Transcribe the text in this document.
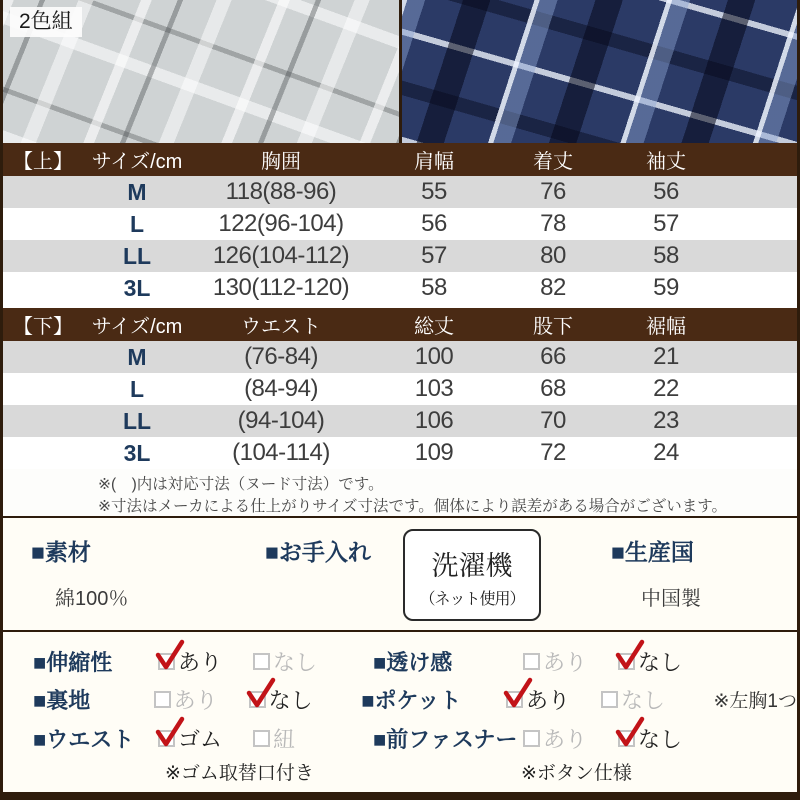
2色組
【上】 サイズ/cm	胸囲	肩幅	着丈	袖丈
M	118(88-96)	55	76	56
L	122(96-104)	56	78	57
LL	126(104-112)	57	80	58
3L	130(112-120)	58	82	59
【下】 サイズ/cm	ウエスト	総丈	股下	裾幅
M	(76-84)	100	66	21
L	(84-94)	103	68	22
LL	(94-104)	106	70	23
3L	(104-114)	109	72	24
※(　)内は対応寸法（ヌード寸法）です。
※寸法はメーカによる仕上がりサイズ寸法です。個体により誤差がある場合がございます。
■素材
綿100％
■お手入れ	洗濯機
（ネット使用）
■生産国
中国製
■伸縮性	あり なし	■透け感	あり なし
■裏地	あり なし ■ポケット	あり なし	※左胸1つ
■ウエスト	ゴム 紐	■前ファスナー あり なし
※ゴム取替口付き	※ボタン仕様
